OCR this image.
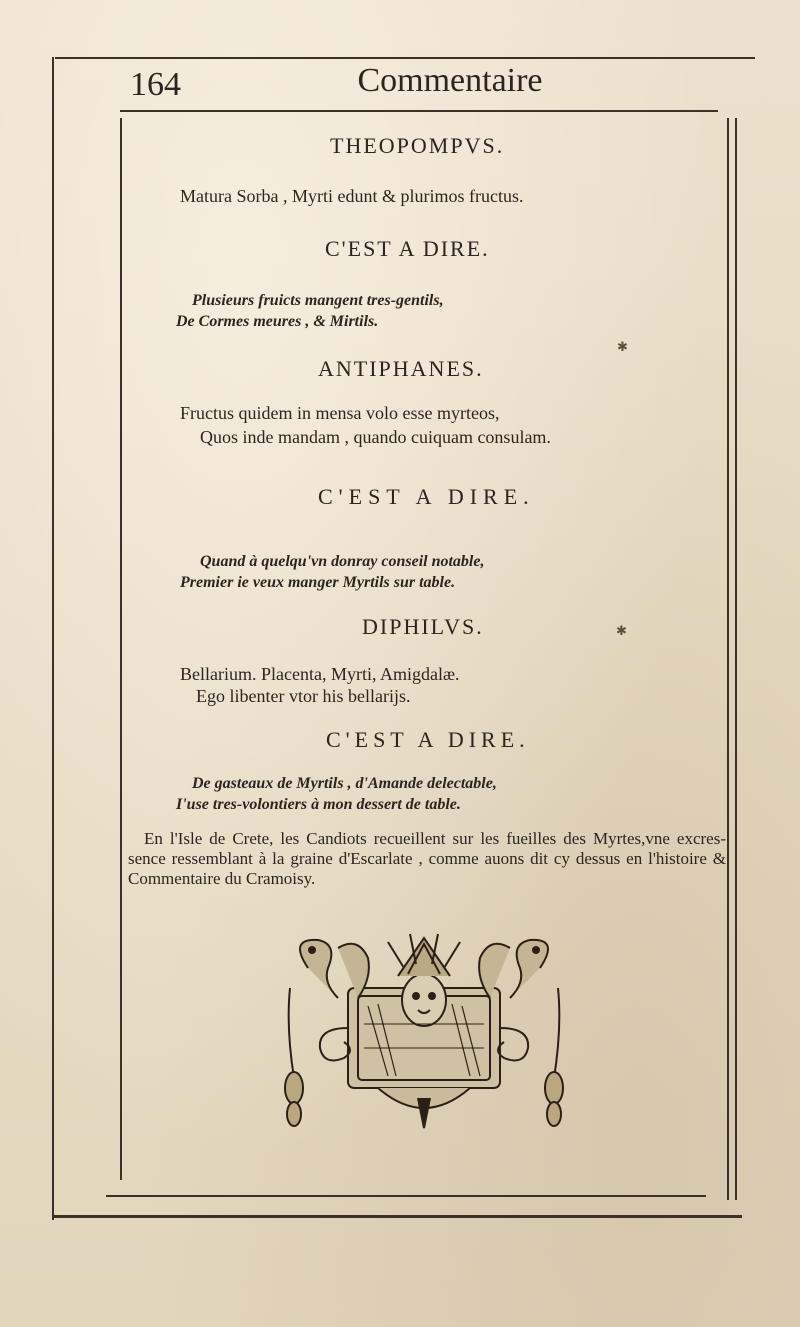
164	Commentaire
THEOPOMPVS.
Matura Sorba , Myrti edunt & plurimos fructus.
C'EST A DIRE.
Plusieurs fruicts mangent tres-gentils,
De Cormes meures , & Mirtils.
ANTIPHANES.
Fructus quidem in mensa volo esse myrteos,
Quos inde mandam , quando cuiquam consulam.
C'EST A DIRE.
Quand à quelqu'vn donray conseil notable,
Premier ie veux manger Myrtils sur table.
DIPHILVS.
Bellarium. Placenta, Myrti, Amigdalæ.
Ego libenter vtor his bellarijs.
C'EST A DIRE.
De gasteaux de Myrtils , d'Amande delectable,
I'use tres-volontiers à mon dessert de table.
En l'Isle de Crete, les Candiots recueillent sur les fueilles des Myrtes,vne excres-sence ressemblant à la graine d'Escarlate , comme auons dit cy dessus en l'histoire & Commentaire du Cramoisy.
✱
✱
